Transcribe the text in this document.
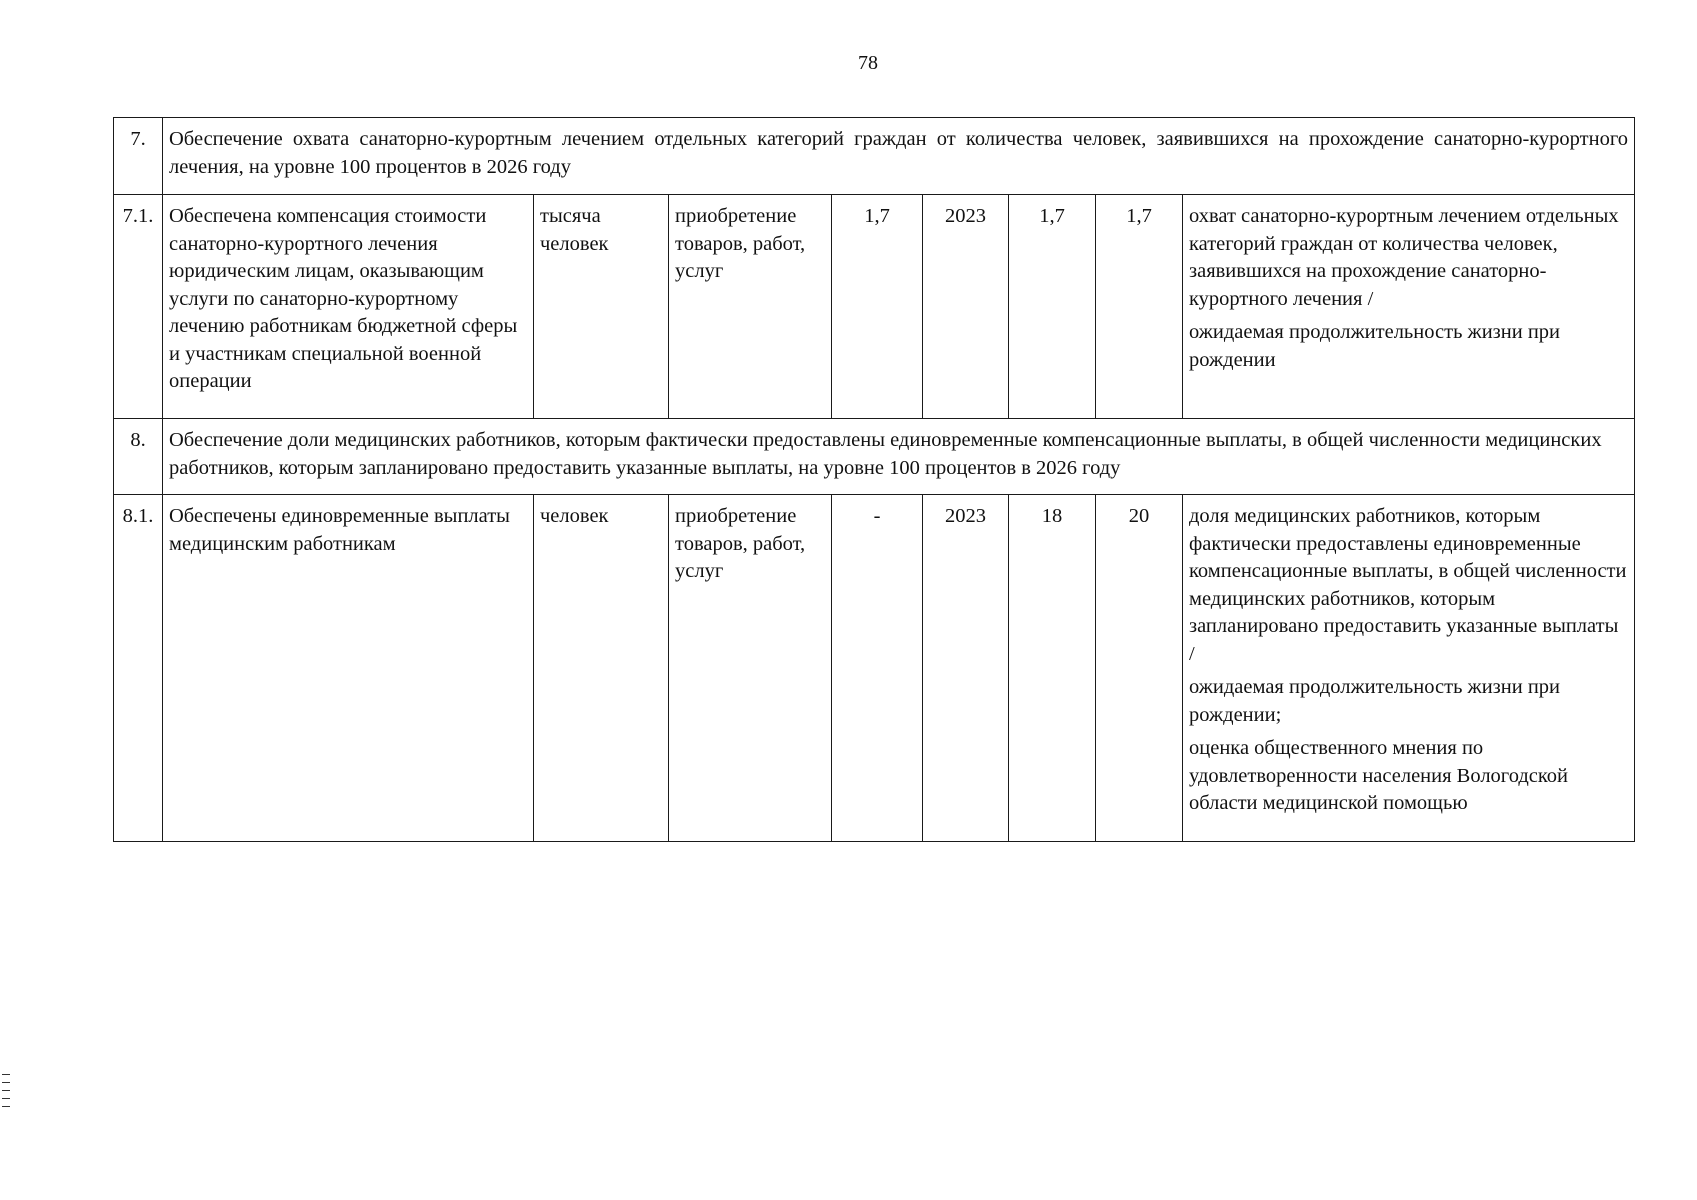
78
7.	Обеспечение охвата санаторно-курортным лечением отдельных категорий граждан от количества человек, заявившихся на прохождение санаторно-курортного лечения, на уровне 100 процентов в 2026 году							

7.1.	Обеспечена компенсация стоимости санаторно-курортного лечения юридическим лицам, оказывающим услуги по санаторно-курортному лечению работникам бюджетной сферы и участникам специальной военной операции	тысяча человек	приобретение товаров, работ, услуг	1,7	2023	1,7	1,7	охват санаторно-курортным лечением отдельных категорий граждан от количества человек, заявившихся на прохождение санаторно-курортного лечения /
ожидаемая продолжительность жизни при рождении

8.	Обеспечение доли медицинских работников, которым фактически предоставлены единовременные компенсационные выплаты, в общей численности медицинских работников, которым запланировано предоставить указанные выплаты, на уровне 100 процентов в 2026 году							

8.1.	Обеспечены единовременные выплаты медицинским работникам	человек	приобретение товаров, работ, услуг	-	2023	18	20	доля медицинских работников, которым фактически предоставлены единовременные компенсационные выплаты, в общей численности медицинских работников, которым запланировано предоставить указанные выплаты /
ожидаемая продолжительность жизни при рождении;
оценка общественного мнения по удовлетворенности населения Вологодской области медицинской помощью
